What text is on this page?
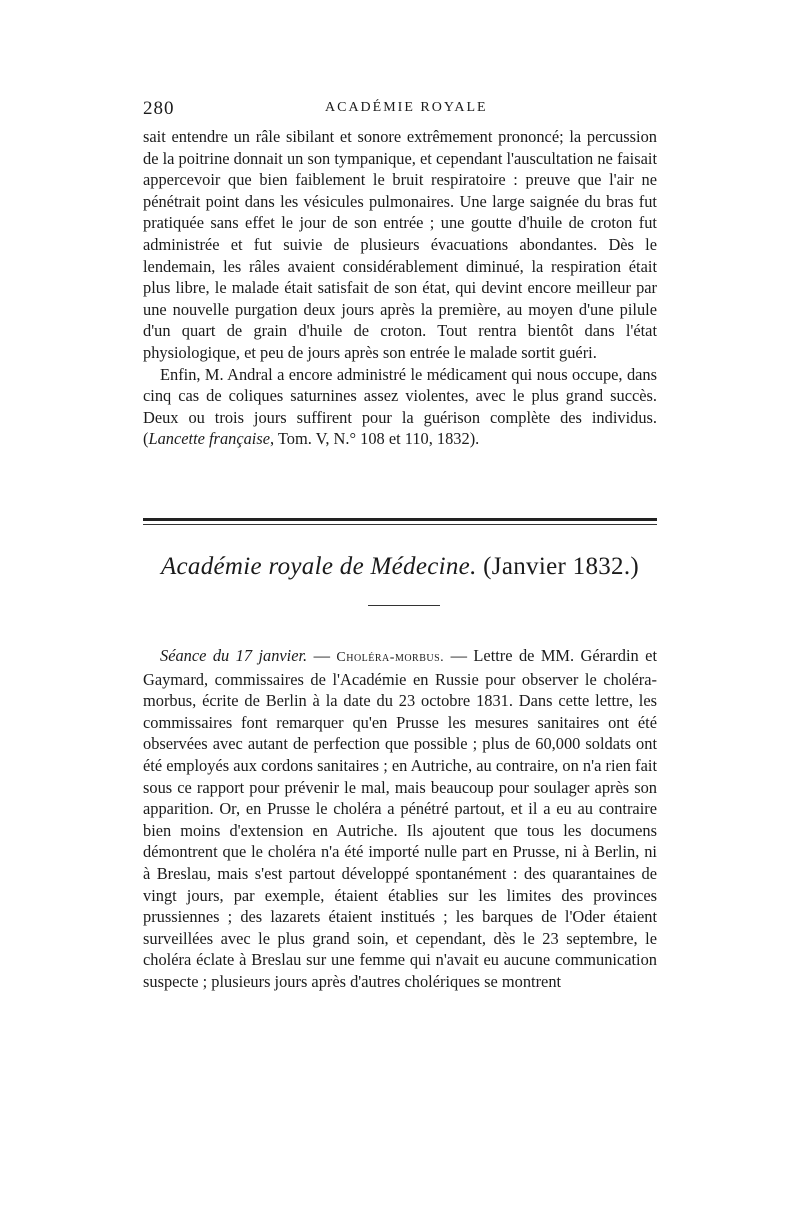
280	ACADÉMIE ROYALE

sait entendre un râle sibilant et sonore extrêmement prononcé; la percussion de la poitrine donnait un son tympanique, et cependant l'auscultation ne faisait appercevoir que bien faiblement le bruit respiratoire : preuve que l'air ne pénétrait point dans les vésicules pulmonaires. Une large saignée du bras fut pratiquée sans effet le jour de son entrée ; une goutte d'huile de croton fut administrée et fut suivie de plusieurs évacuations abondantes. Dès le lendemain, les râles avaient considérablement diminué, la respiration était plus libre, le malade était satisfait de son état, qui devint encore meilleur par une nouvelle purgation deux jours après la première, au moyen d'une pilule d'un quart de grain d'huile de croton. Tout rentra bientôt dans l'état physiologique, et peu de jours après son entrée le malade sortit guéri.

Enfin, M. Andral a encore administré le médicament qui nous occupe, dans cinq cas de coliques saturnines assez violentes, avec le plus grand succès. Deux ou trois jours suffirent pour la guérison complète des individus. (Lancette française, Tom. V, N.° 108 et 110, 1832).

Académie royale de Médecine. (Janvier 1832.)

Séance du 17 janvier. — Choléra-morbus. — Lettre de MM. Gérardin et Gaymard, commissaires de l'Académie en Russie pour observer le choléra-morbus, écrite de Berlin à la date du 23 octobre 1831. Dans cette lettre, les commissaires font remarquer qu'en Prusse les mesures sanitaires ont été observées avec autant de perfection que possible ; plus de 60,000 soldats ont été employés aux cordons sanitaires ; en Autriche, au contraire, on n'a rien fait sous ce rapport pour prévenir le mal, mais beaucoup pour soulager après son apparition. Or, en Prusse le choléra a pénétré partout, et il a eu au contraire bien moins d'extension en Autriche. Ils ajoutent que tous les documens démontrent que le choléra n'a été importé nulle part en Prusse, ni à Berlin, ni à Breslau, mais s'est partout développé spontanément : des quarantaines de vingt jours, par exemple, étaient établies sur les limites des provinces prussiennes ; des lazarets étaient institués ; les barques de l'Oder étaient surveillées avec le plus grand soin, et cependant, dès le 23 septembre, le choléra éclate à Breslau sur une femme qui n'avait eu aucune communication suspecte ; plusieurs jours après d'autres cholériques se montrent
